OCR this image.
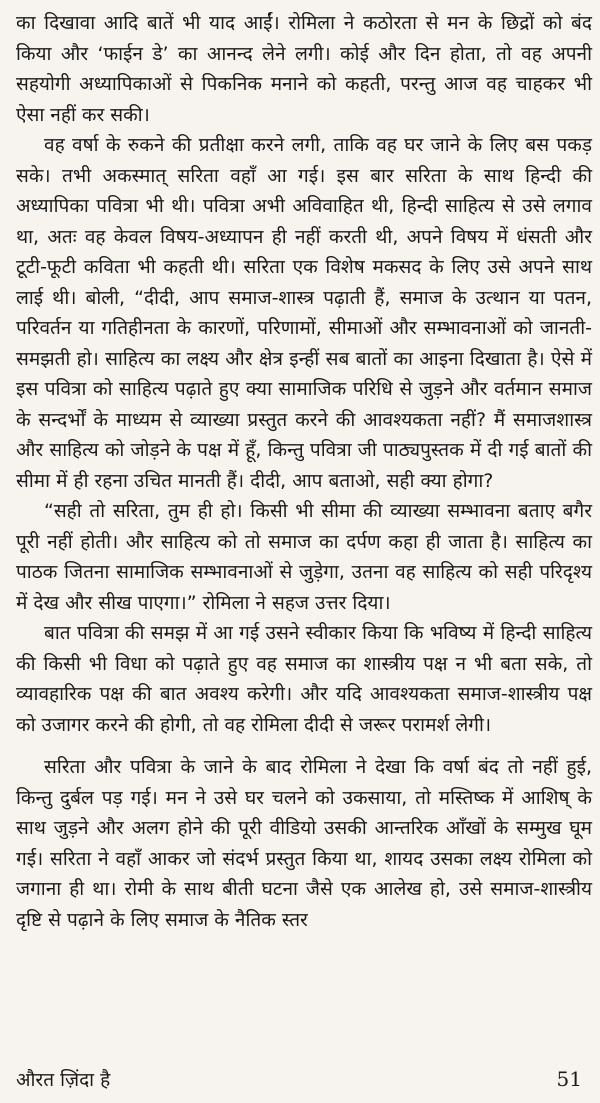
का दिखावा आदि बातें भी याद आईं। रोमिला ने कठोरता से मन के छिद्रों को बंद किया और ‘फाईन डे’ का आनन्द लेने लगी। कोई और दिन होता, तो वह अपनी सहयोगी अध्यापिकाओं से पिकनिक मनाने को कहती, परन्तु आज वह चाहकर भी ऐसा नहीं कर सकी।

वह वर्षा के रुकने की प्रतीक्षा करने लगी, ताकि वह घर जाने के लिए बस पकड़ सके। तभी अकस्मात् सरिता वहाँ आ गई। इस बार सरिता के साथ हिन्दी की अध्यापिका पवित्रा भी थी। पवित्रा अभी अविवाहित थी, हिन्दी साहित्य से उसे लगाव था, अतः वह केवल विषय-अध्यापन ही नहीं करती थी, अपने विषय में धंसती और टूटी-फूटी कविता भी कहती थी। सरिता एक विशेष मकसद के लिए उसे अपने साथ लाई थी। बोली, “दीदी, आप समाज-शास्त्र पढ़ाती हैं, समाज के उत्थान या पतन, परिवर्तन या गतिहीनता के कारणों, परिणामों, सीमाओं और सम्भावनाओं को जानती-समझती हो। साहित्य का लक्ष्य और क्षेत्र इन्हीं सब बातों का आइना दिखाता है। ऐसे में इस पवित्रा को साहित्य पढ़ाते हुए क्या सामाजिक परिधि से जुड़ने और वर्तमान समाज के सन्दर्भों के माध्यम से व्याख्या प्रस्तुत करने की आवश्यकता नहीं? मैं समाजशास्त्र और साहित्य को जोड़ने के पक्ष में हूँ, किन्तु पवित्रा जी पाठ्यपुस्तक में दी गई बातों की सीमा में ही रहना उचित मानती हैं। दीदी, आप बताओ, सही क्या होगा?

“सही तो सरिता, तुम ही हो। किसी भी सीमा की व्याख्या सम्भावना बताए बगैर पूरी नहीं होती। और साहित्य को तो समाज का दर्पण कहा ही जाता है। साहित्य का पाठक जितना सामाजिक सम्भावनाओं से जुड़ेगा, उतना वह साहित्य को सही परिदृश्य में देख और सीख पाएगा।” रोमिला ने सहज उत्तर दिया।

बात पवित्रा की समझ में आ गई उसने स्वीकार किया कि भविष्य में हिन्दी साहित्य की किसी भी विधा को पढ़ाते हुए वह समाज का शास्त्रीय पक्ष न भी बता सके, तो व्यावहारिक पक्ष की बात अवश्य करेगी। और यदि आवश्यकता समाज-शास्त्रीय पक्ष को उजागर करने की होगी, तो वह रोमिला दीदी से जरूर परामर्श लेगी।

सरिता और पवित्रा के जाने के बाद रोमिला ने देखा कि वर्षा बंद तो नहीं हुई, किन्तु दुर्बल पड़ गई। मन ने उसे घर चलने को उकसाया, तो मस्तिष्क में आशिष् के साथ जुड़ने और अलग होने की पूरी वीडियो उसकी आन्तरिक आँखों के सम्मुख घूम गई। सरिता ने वहाँ आकर जो संदर्भ प्रस्तुत किया था, शायद उसका लक्ष्य रोमिला को जगाना ही था। रोमी के साथ बीती घटना जैसे एक आलेख हो, उसे समाज-शास्त्रीय दृष्टि से पढ़ाने के लिए समाज के नैतिक स्तर

औरत ज़िंदा है	51
